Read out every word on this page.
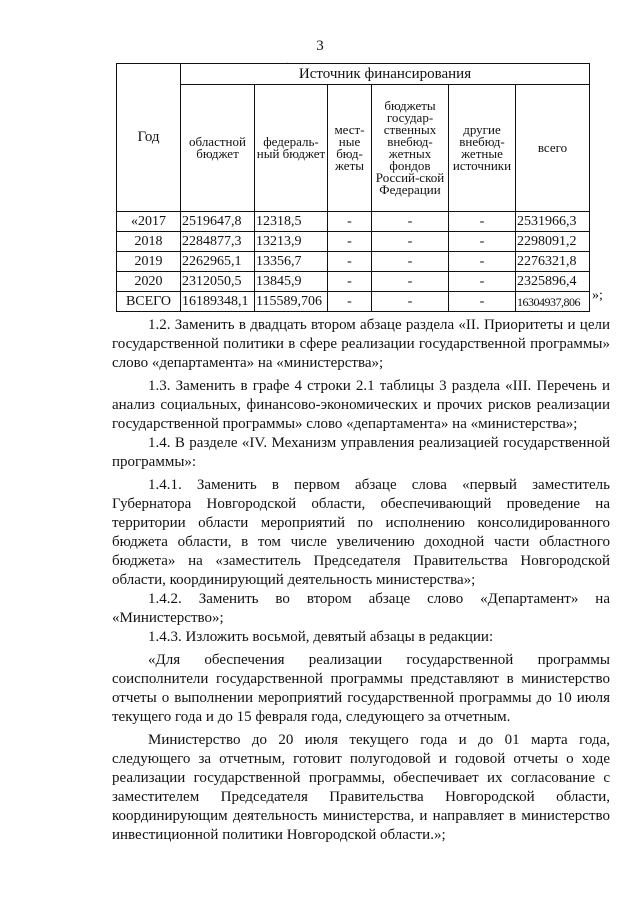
3
.
Год	Источник финансирования					
	областной бюджет	федераль-ный бюджет	мест-ные бюд-жеты	бюджеты государ-ственных внебюд-жетных фондов Россий-ской Федерации	другие внебюд-жетные источники	всего
«2017	2519647,8	12318,5	-	-	-	2531966,3
2018	2284877,3	13213,9	-	-	-	2298091,2
2019	2262965,1	13356,7	-	-	-	2276321,8
2020	2312050,5	13845,9	-	-	-	2325896,4
ВСЕГО	16189348,1	115589,706	-	-	-	16304937,806 »;

1.2. Заменить в двадцать втором абзаце раздела «II. Приоритеты и цели государственной политики в сфере реализации государственной программы» слово «департамента» на «министерства»;

1.3. Заменить в графе 4 строки 2.1 таблицы 3 раздела «III. Перечень и анализ социальных, финансово-экономических и прочих рисков реализации государственной программы» слово «департамента» на «министерства»;

1.4. В разделе «IV. Механизм управления реализацией государственной программы»:

1.4.1. Заменить в первом абзаце слова «первый заместитель Губернатора Новгородской области, обеспечивающий проведение на территории области мероприятий по исполнению консолидированного бюджета области, в том числе увеличению доходной части областного бюджета» на «заместитель Председателя Правительства Новгородской области, координирующий деятельность министерства»;

1.4.2. Заменить во втором абзаце слово «Департамент» на «Министерство»;

1.4.3. Изложить восьмой, девятый абзацы в редакции:

«Для обеспечения реализации государственной программы соисполнители государственной программы представляют в министерство отчеты о выполнении мероприятий государственной программы до 10 июля текущего года и до 15 февраля года, следующего за отчетным.

Министерство до 20 июля текущего года и до 01 марта года, следующего за отчетным, готовит полугодовой и годовой отчеты о ходе реализации государственной программы, обеспечивает их согласование с заместителем Председателя Правительства Новгородской области, координирующим деятельность министерства, и направляет в министерство инвестиционной политики Новгородской области.»;
